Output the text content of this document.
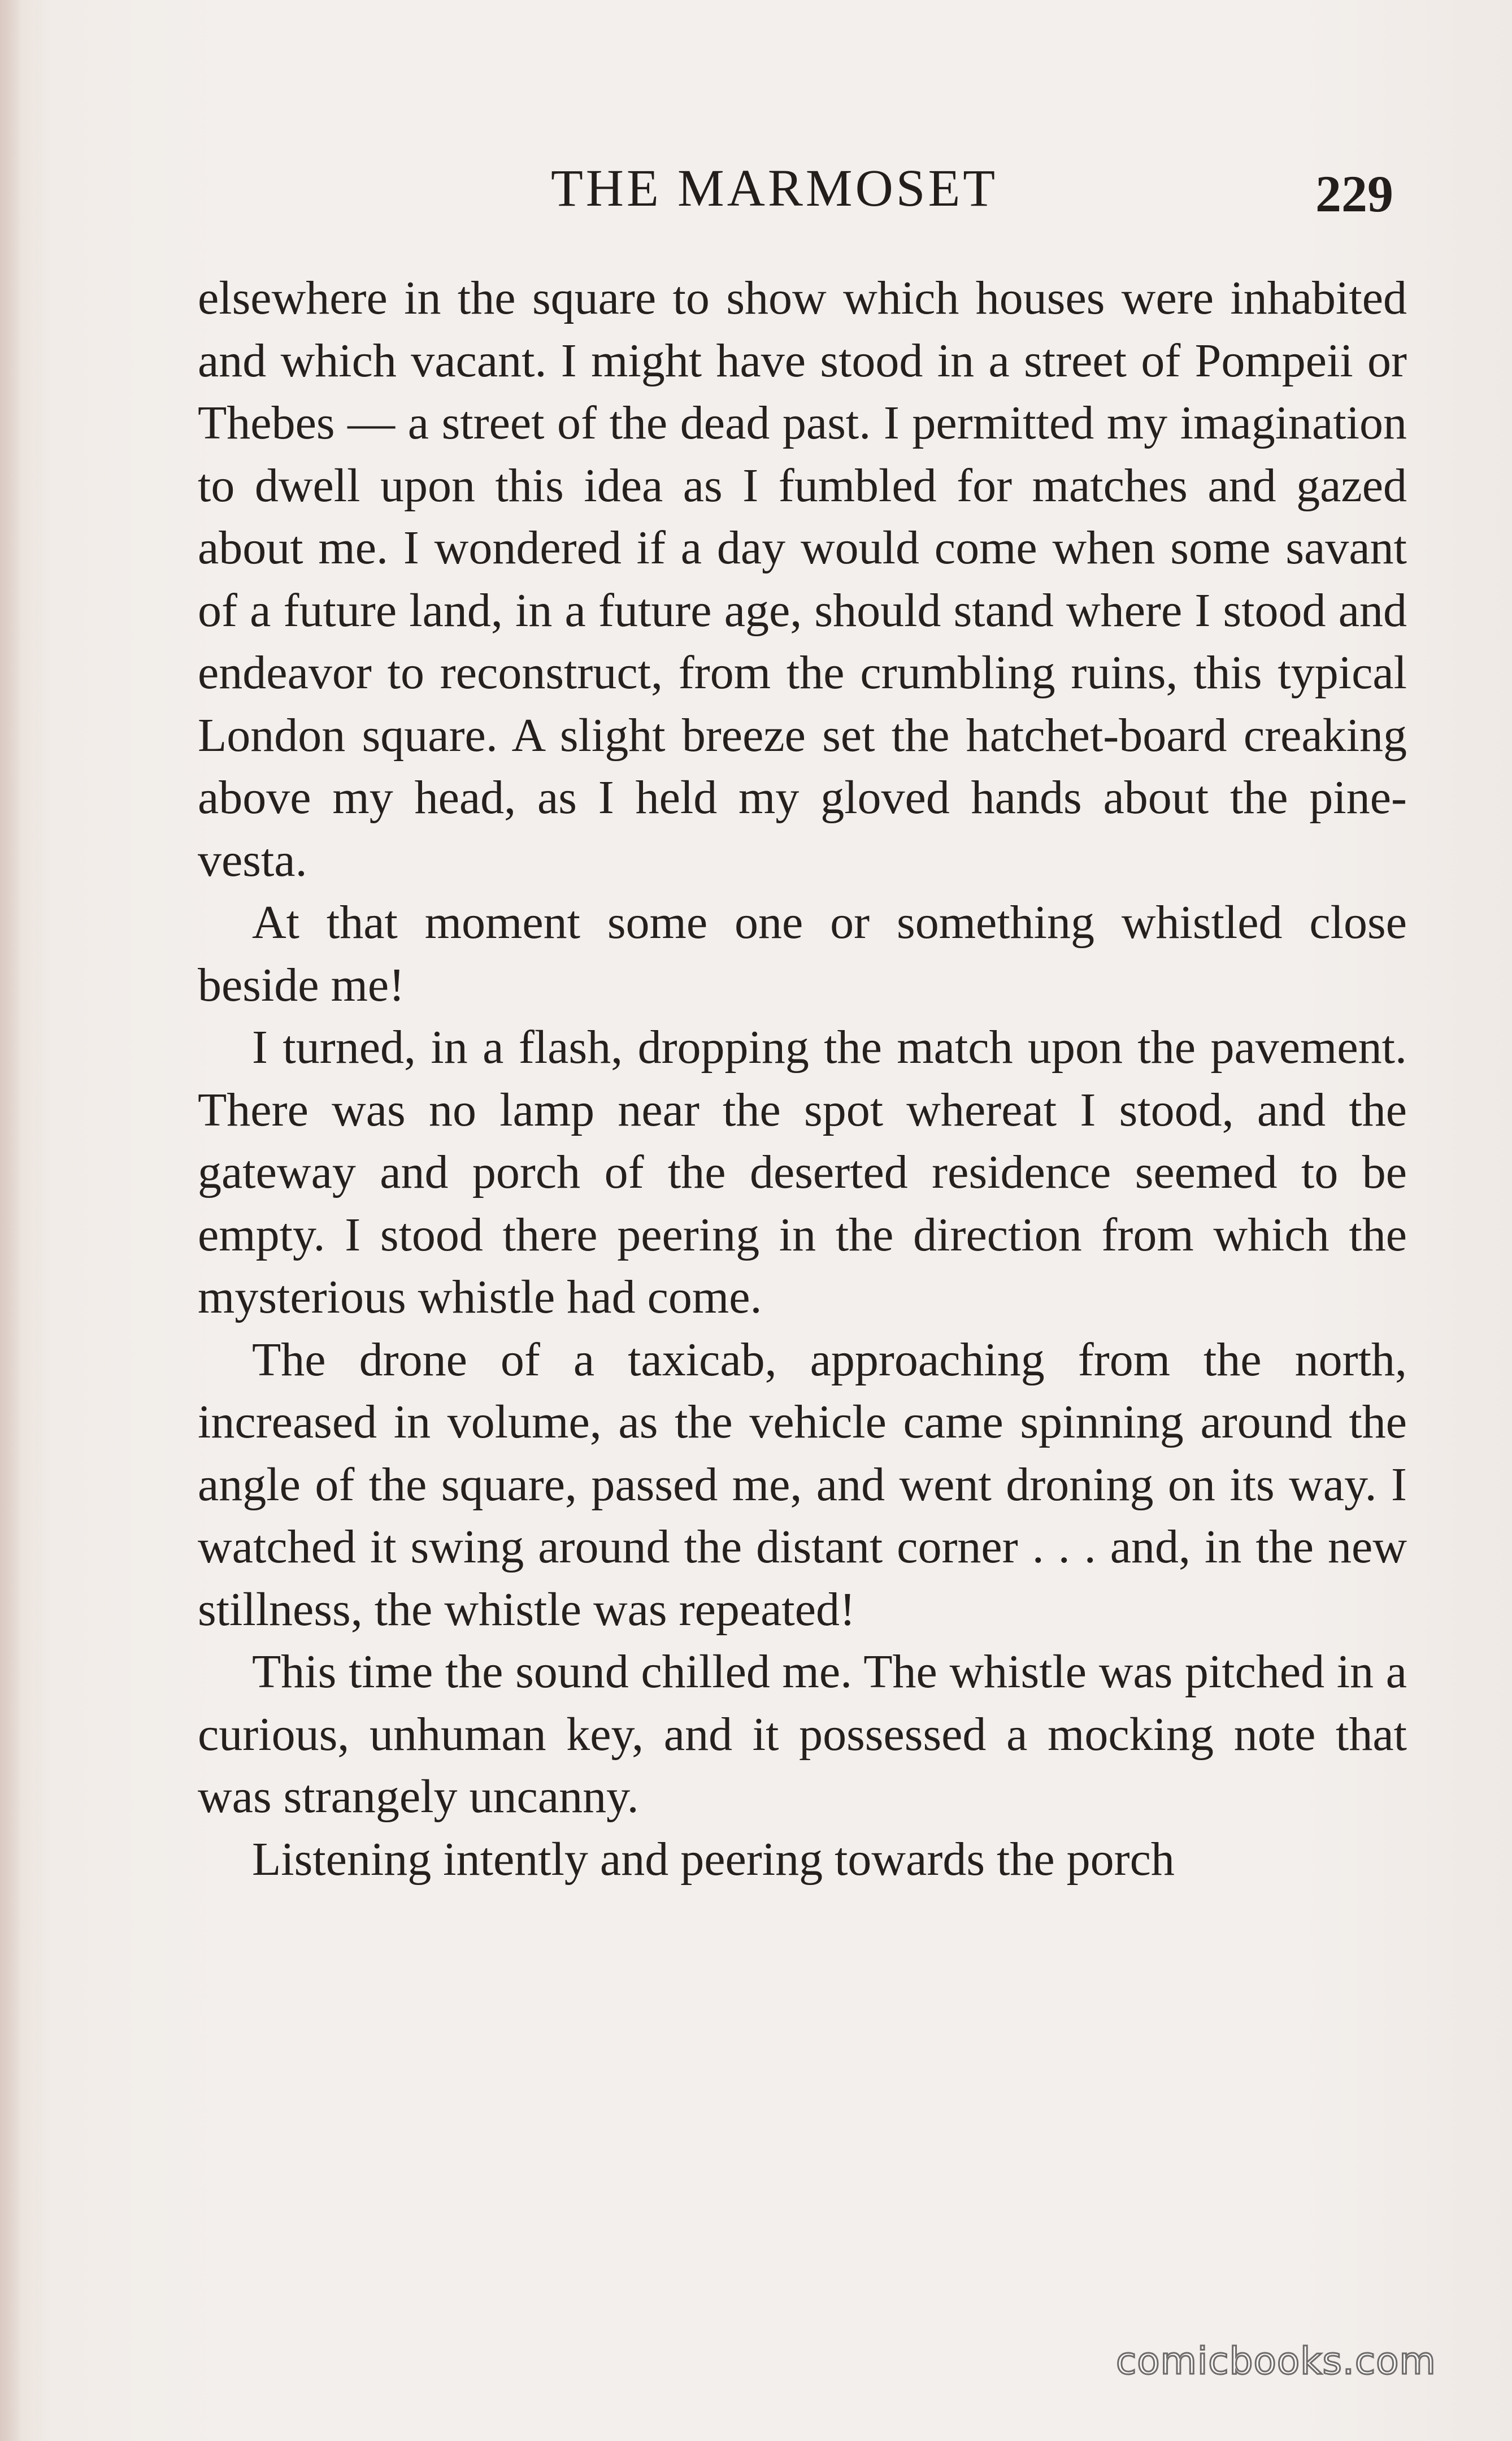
THE MARMOSET	229

elsewhere in the square to show which houses were inhabited and which vacant. I might have stood in a street of Pompeii or Thebes — a street of the dead past. I permitted my imagination to dwell upon this idea as I fumbled for matches and gazed about me. I wondered if a day would come when some savant of a future land, in a future age, should stand where I stood and endeavor to reconstruct, from the crumbling ruins, this typical London square. A slight breeze set the hatchet-board creaking above my head, as I held my gloved hands about the pine-vesta.

At that moment some one or something whistled close beside me!

I turned, in a flash, dropping the match upon the pavement. There was no lamp near the spot whereat I stood, and the gateway and porch of the deserted residence seemed to be empty. I stood there peering in the direction from which the mysterious whistle had come.

The drone of a taxicab, approaching from the north, increased in volume, as the vehicle came spinning around the angle of the square, passed me, and went droning on its way. I watched it swing around the distant corner . . . and, in the new stillness, the whistle was repeated!

This time the sound chilled me. The whistle was pitched in a curious, unhuman key, and it possessed a mocking note that was strangely uncanny.

Listening intently and peering towards the porch

comicbooks.com
